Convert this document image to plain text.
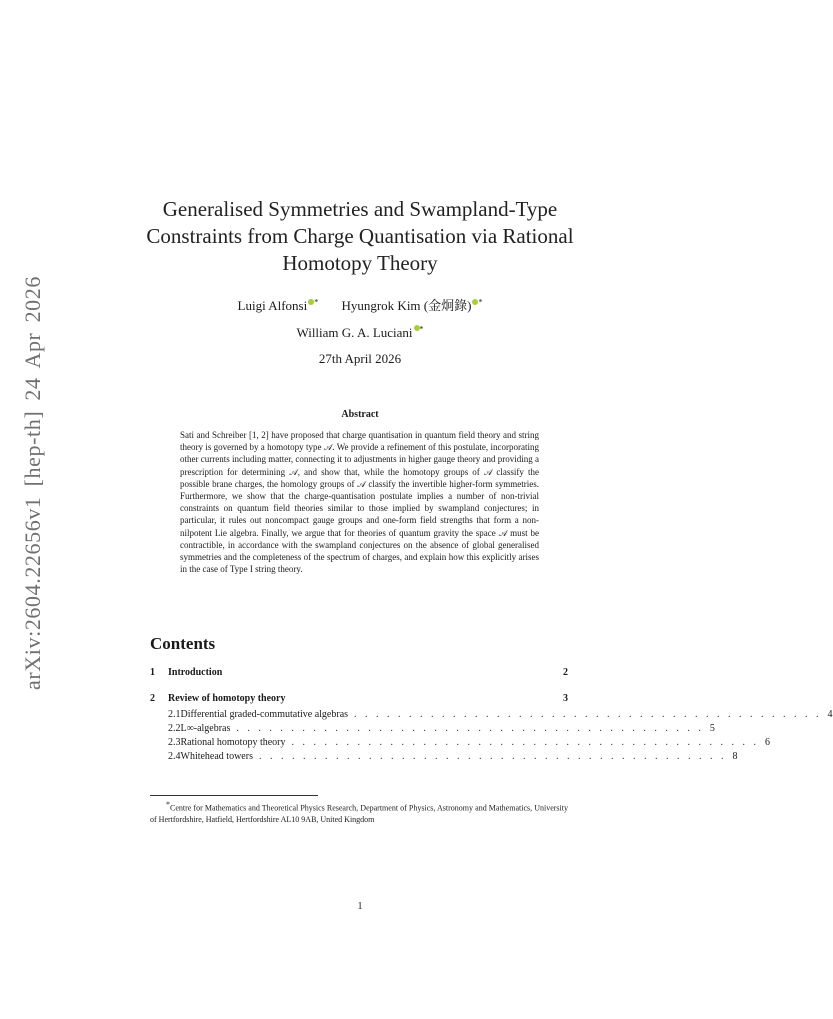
arXiv:2604.22656v1 [hep-th] 24 Apr 2026
Generalised Symmetries and Swampland-Type Constraints from Charge Quantisation via Rational Homotopy Theory
Luigi Alfonsi * Hyungrok Kim (金炯錄) *
William G. A. Luciani *
27th April 2026
Abstract
Sati and Schreiber [1, 2] have proposed that charge quantisation in quantum field theory and string theory is governed by a homotopy type 𝒜. We provide a refinement of this postulate, incorporating other currents including matter, connecting it to adjustments in higher gauge theory and providing a prescription for determining 𝒜, and show that, while the homotopy groups of 𝒜 classify the possible brane charges, the homology groups of 𝒜 classify the invertible higher-form symmetries. Furthermore, we show that the charge-quantisation postulate implies a number of non-trivial constraints on quantum field theories similar to those implied by swampland conjectures; in particular, it rules out noncompact gauge groups and one-form field strengths that form a non-nilpotent Lie algebra. Finally, we argue that for theories of quantum gravity the space 𝒜 must be contractible, in accordance with the swampland conjectures on the absence of global generalised symmetries and the completeness of the spectrum of charges, and explain how this explicitly arises in the case of Type I string theory.
Contents
1	Introduction	2
2	Review of homotopy theory	3
2.1 Differential graded-commutative algebras . . . . . . . . . . . . . . . . . . . . . . . . . . . . . . . . . . . . . . . . . . . 4
2.2 L∞-algebras . . . . . . . . . . . . . . . . . . . . . . . . . . . . . . . . . . . . . . . . . . . 5
2.3 Rational homotopy theory . . . . . . . . . . . . . . . . . . . . . . . . . . . . . . . . . . . . . . . . . . . 6
2.4 Whitehead towers . . . . . . . . . . . . . . . . . . . . . . . . . . . . . . . . . . . . . . . . . . . 8
*Centre for Mathematics and Theoretical Physics Research, Department of Physics, Astronomy and Mathematics, University of Hertfordshire, Hatfield, Hertfordshire AL10 9AB, United Kingdom
1
